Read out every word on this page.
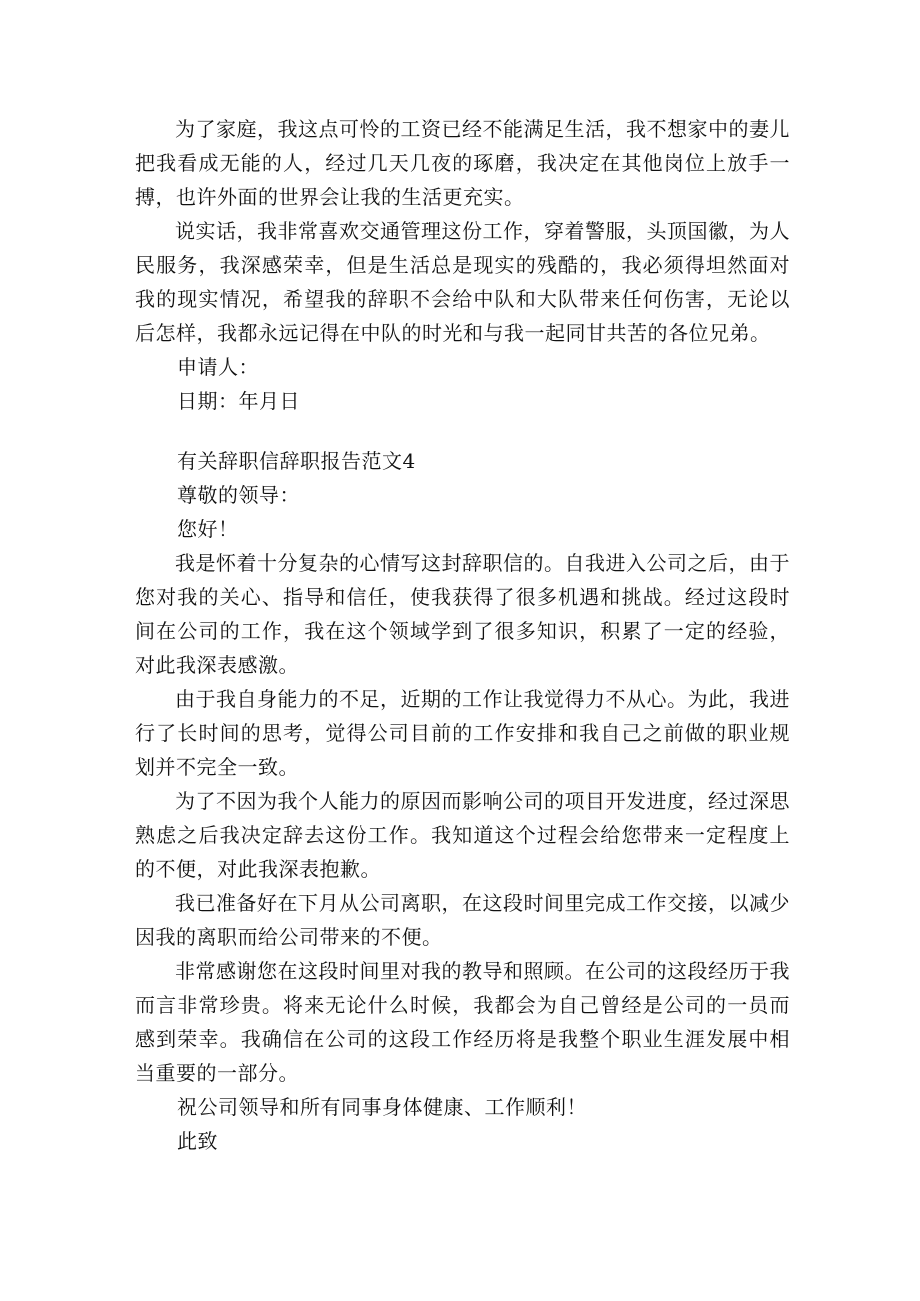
为了家庭，我这点可怜的工资已经不能满足生活，我不想家中的妻儿把我看成无能的人，经过几天几夜的琢磨，我决定在其他岗位上放手一搏，也许外面的世界会让我的生活更充实。

说实话，我非常喜欢交通管理这份工作，穿着警服，头顶国徽，为人民服务，我深感荣幸，但是生活总是现实的残酷的，我必须得坦然面对我的现实情况，希望我的辞职不会给中队和大队带来任何伤害，无论以后怎样，我都永远记得在中队的时光和与我一起同甘共苦的各位兄弟。

申请人：

日期：年月日

有关辞职信辞职报告范文4

尊敬的领导：

您好！

我是怀着十分复杂的心情写这封辞职信的。自我进入公司之后，由于您对我的关心、指导和信任，使我获得了很多机遇和挑战。经过这段时间在公司的工作，我在这个领域学到了很多知识，积累了一定的经验，对此我深表感激。

由于我自身能力的不足，近期的工作让我觉得力不从心。为此，我进行了长时间的思考，觉得公司目前的工作安排和我自己之前做的职业规划并不完全一致。

为了不因为我个人能力的原因而影响公司的项目开发进度，经过深思熟虑之后我决定辞去这份工作。我知道这个过程会给您带来一定程度上的不便，对此我深表抱歉。

我已准备好在下月从公司离职，在这段时间里完成工作交接，以减少因我的离职而给公司带来的不便。

非常感谢您在这段时间里对我的教导和照顾。在公司的这段经历于我而言非常珍贵。将来无论什么时候，我都会为自己曾经是公司的一员而感到荣幸。我确信在公司的这段工作经历将是我整个职业生涯发展中相当重要的一部分。

祝公司领导和所有同事身体健康、工作顺利！

此致
